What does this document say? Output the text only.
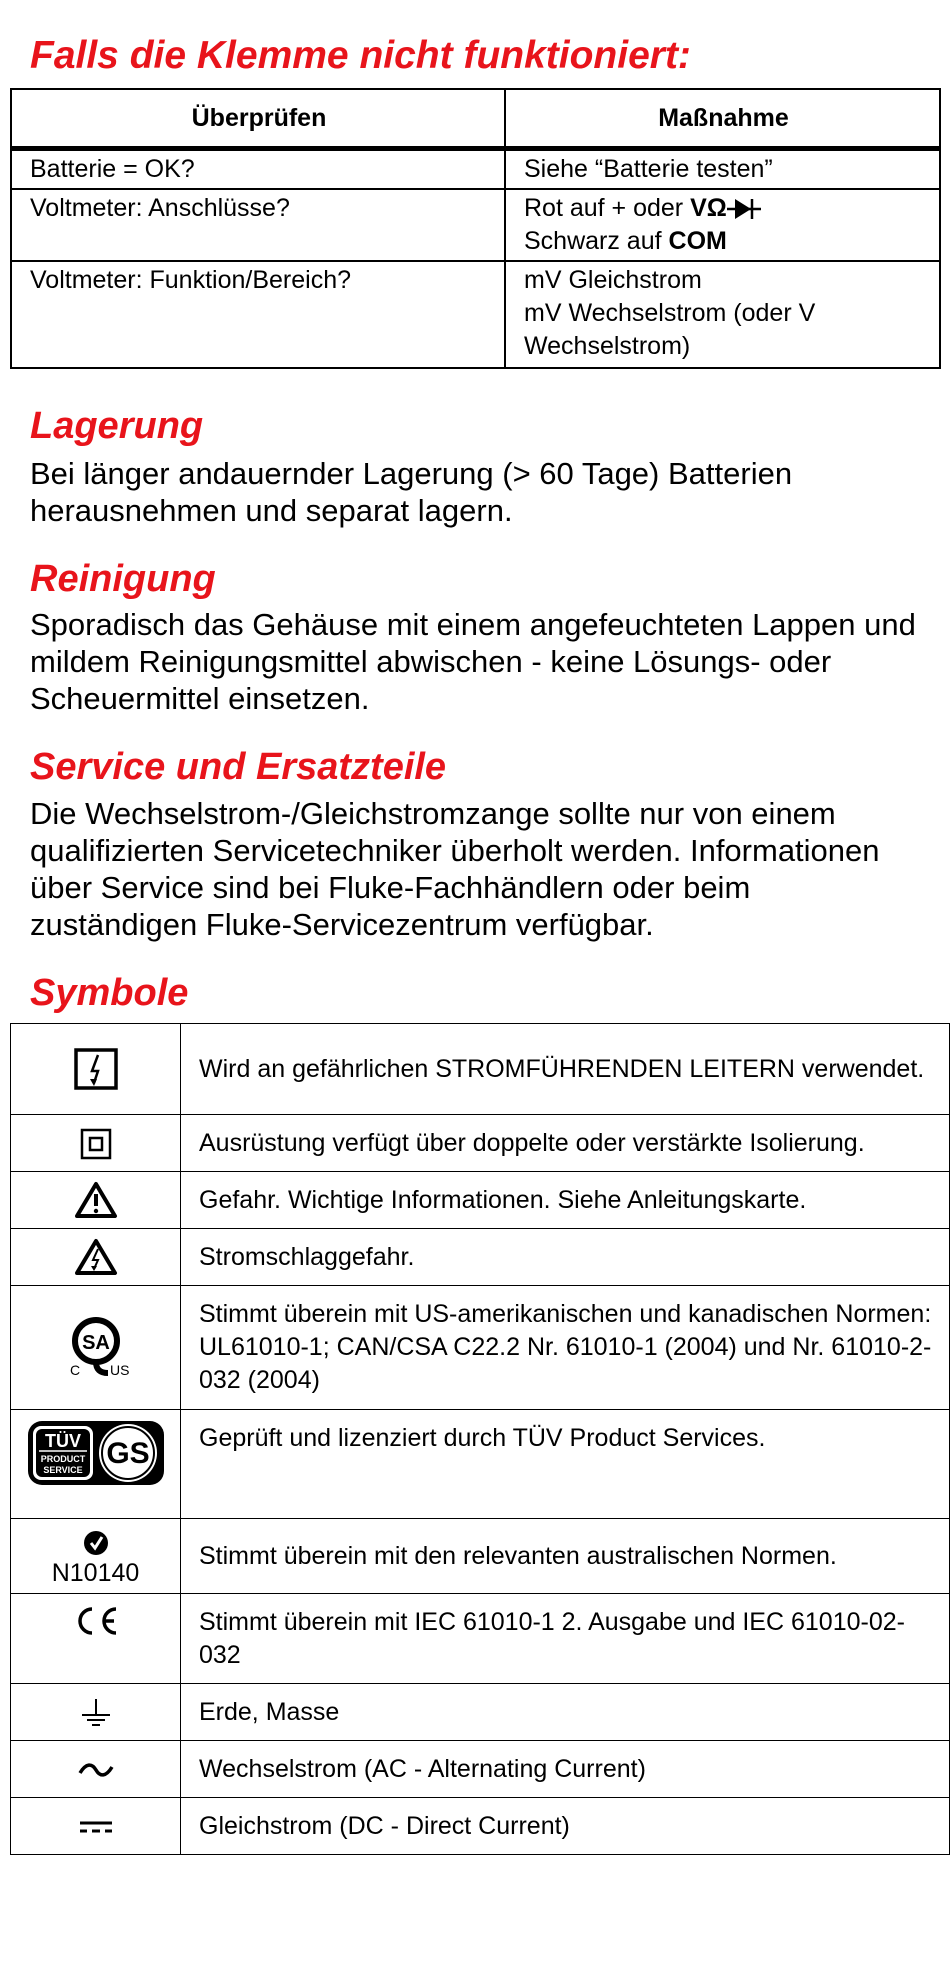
Falls die Klemme nicht funktioniert:
Überprüfen	Maßnahme
Batterie = OK?	Siehe “Batterie testen”
Voltmeter: Anschlüsse?	Rot auf + oder VΩ
Schwarz auf COM
Voltmeter: Funktion/Bereich?	mV Gleichstrom
mV Wechselstrom (oder V Wechselstrom)
Lagerung

Bei länger andauernder Lagerung (> 60 Tage) Batterien herausnehmen und separat lagern.

Reinigung

Sporadisch das Gehäuse mit einem angefeuchteten Lappen und mildem Reinigungsmittel abwischen - keine Lösungs- oder Scheuermittel einsetzen.

Service und Ersatzteile

Die Wechselstrom-/Gleichstromzange sollte nur von einem qualifizierten Servicetechniker überholt werden. Informationen über Service sind bei Fluke-Fachhändlern oder beim zuständigen Fluke-Servicezentrum verfügbar.

Symbole
	Wird an gefährlichen STROMFÜHRENDEN LEITERN verwendet.
	Ausrüstung verfügt über doppelte oder verstärkte Isolierung.
	Gefahr. Wichtige Informationen. Siehe Anleitungskarte.
	Stromschlaggefahr.

SA
C US	Stimmt überein mit US-amerikanischen und kanadischen Normen: UL61010-1; CAN/CSA C22.2 Nr. 61010-1 (2004) und Nr. 61010-2-032 (2004)

TÜV
PRODUCT
SERVICE GS	Geprüft und lizenziert durch TÜV Product Services.

N10140	Stimmt überein mit den relevanten australischen Normen.
	Stimmt überein mit IEC 61010-1 2. Ausgabe und IEC 61010-02-032
	Erde, Masse
	Wechselstrom (AC - Alternating Current)
	Gleichstrom (DC - Direct Current)
